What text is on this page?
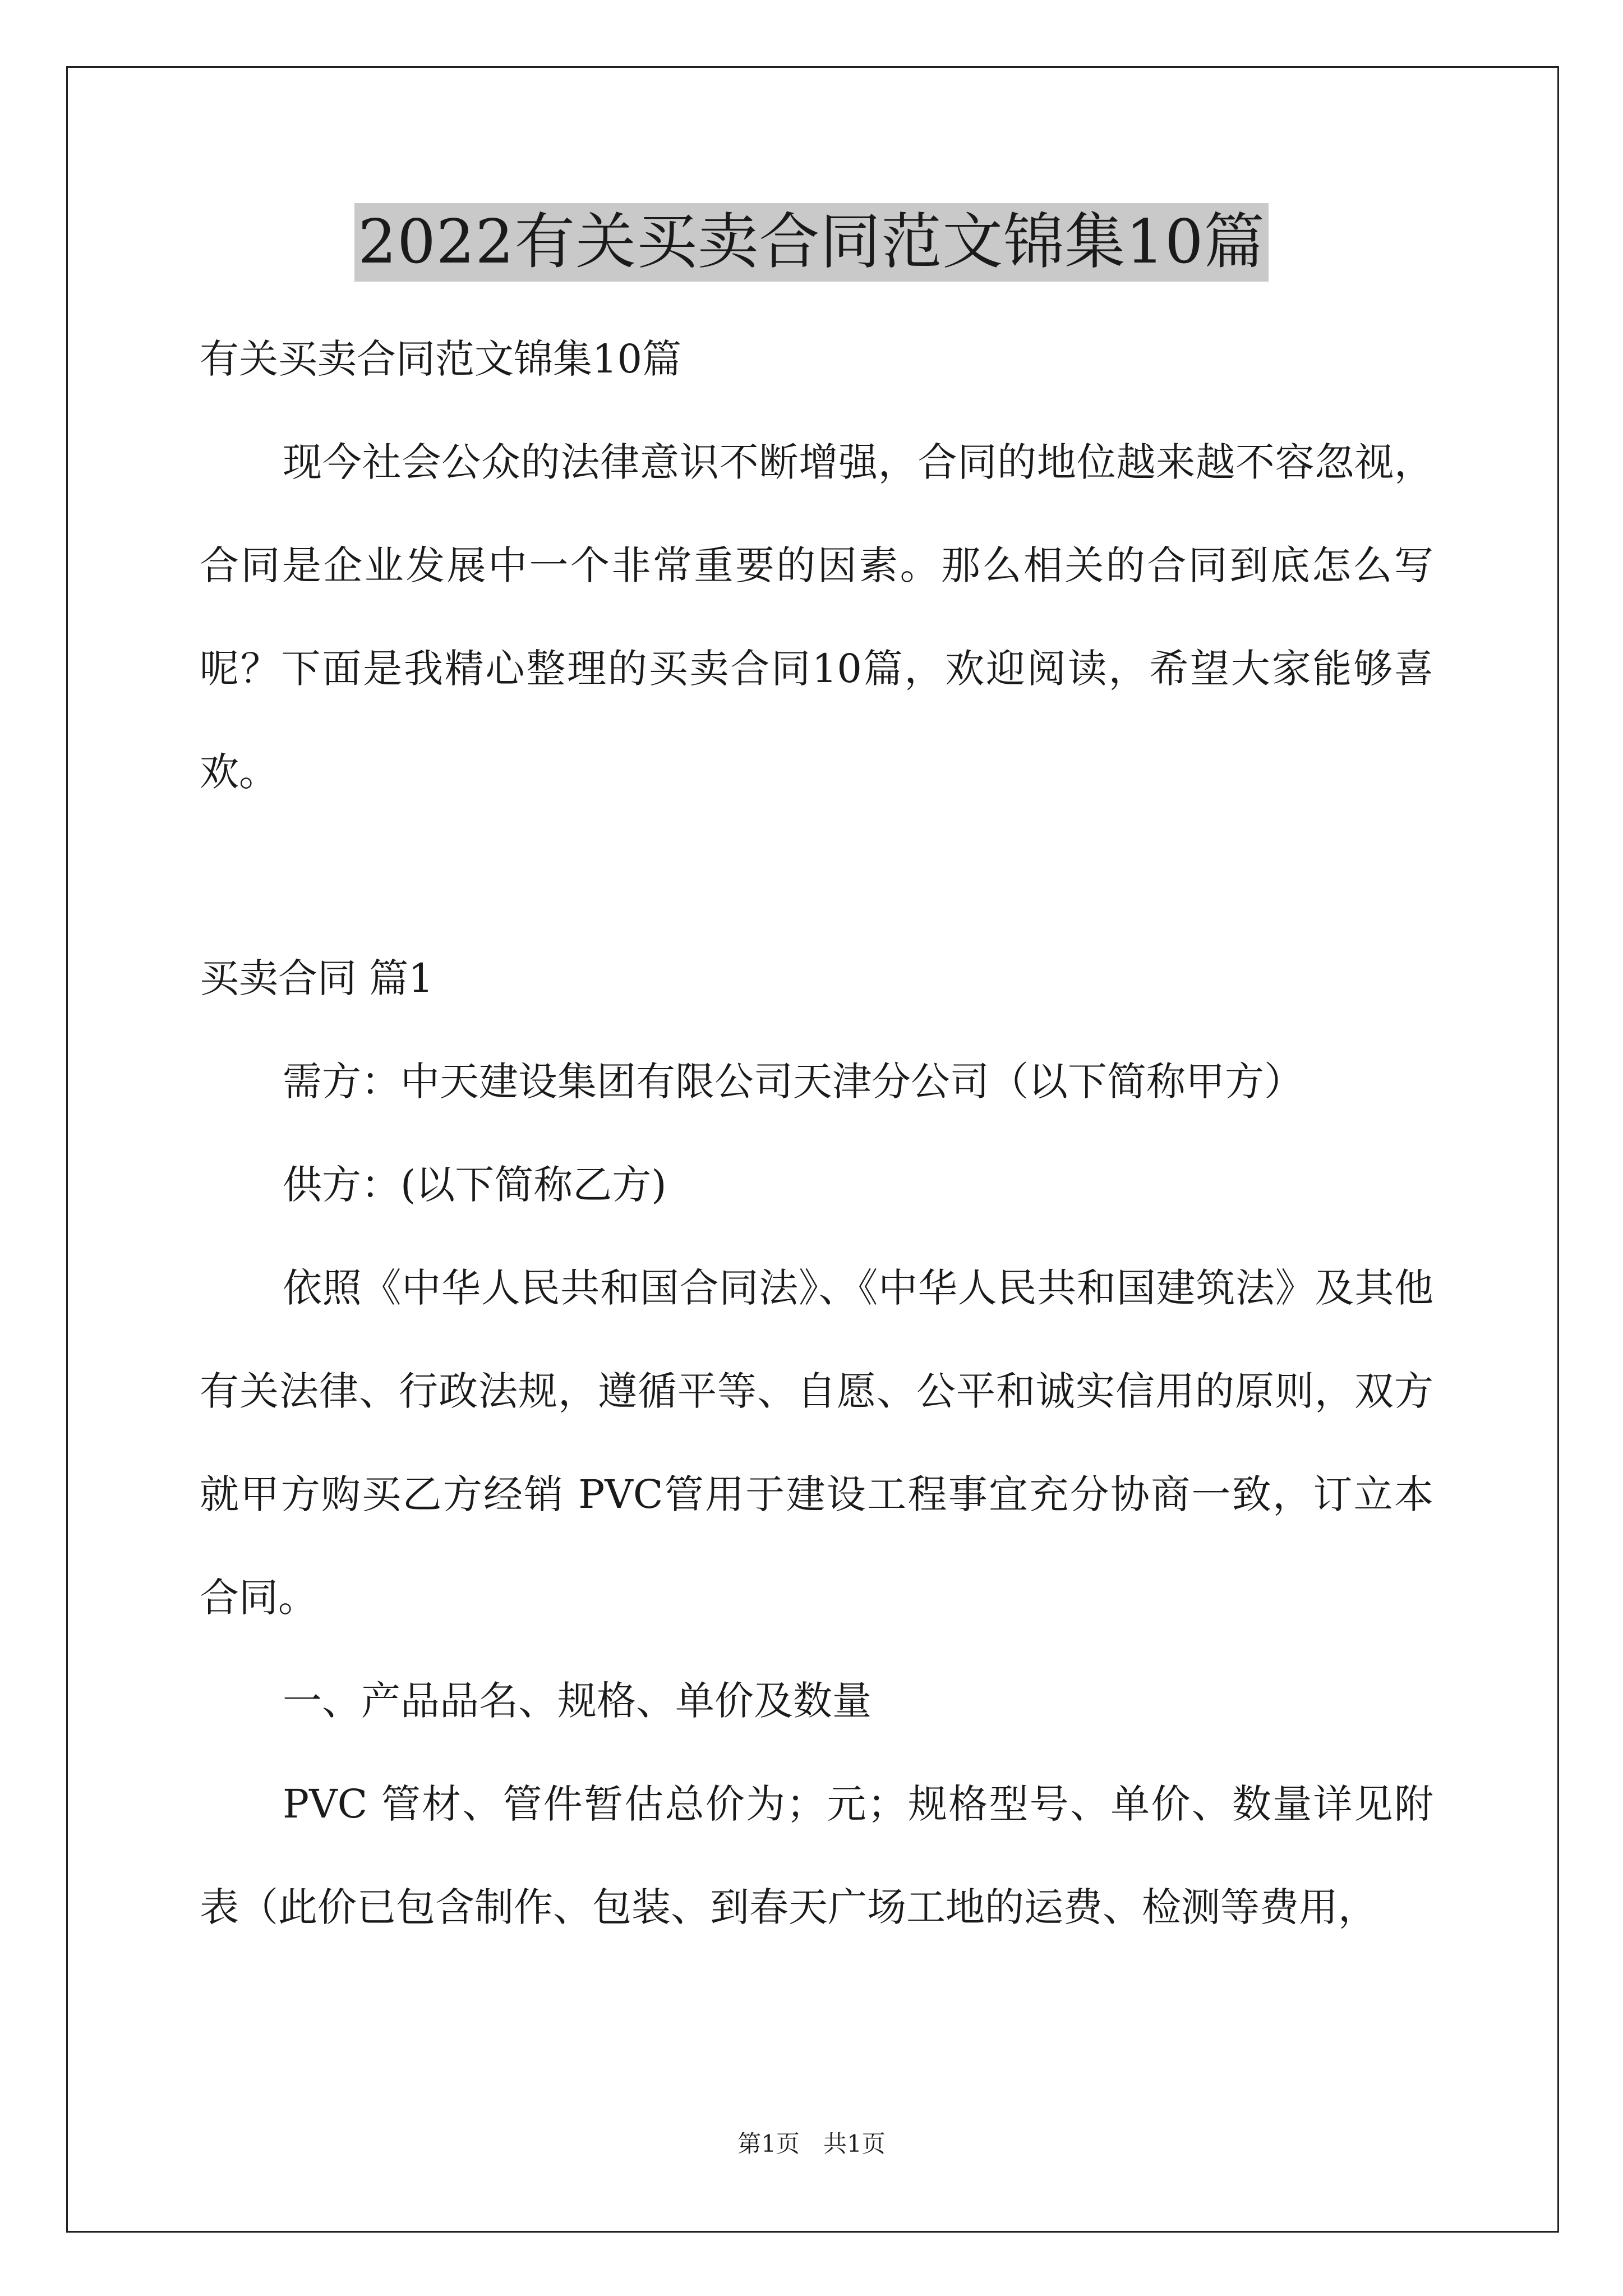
2022有关买卖合同范文锦集10篇

有关买卖合同范文锦集10篇

现今社会公众的法律意识不断增强，合同的地位越来越不容忽视，合同是企业发展中一个非常重要的因素。那么相关的合同到底怎么写呢？下面是我精心整理的买卖合同10篇，欢迎阅读，希望大家能够喜欢。

买卖合同 篇1

需方：中天建设集团有限公司天津分公司（以下简称甲方）

供方：(以下简称乙方)

依照《中华人民共和国合同法》、《中华人民共和国建筑法》及其他有关法律、行政法规，遵循平等、自愿、公平和诚实信用的原则，双方就甲方购买乙方经销 PVC管用于建设工程事宜充分协商一致，订立本合同。

一、产品品名、规格、单价及数量

PVC 管材、管件暂估总价为；元；规格型号、单价、数量详见附表（此价已包含制作、包装、到春天广场工地的运费、检测等费用，

第1页　共1页
